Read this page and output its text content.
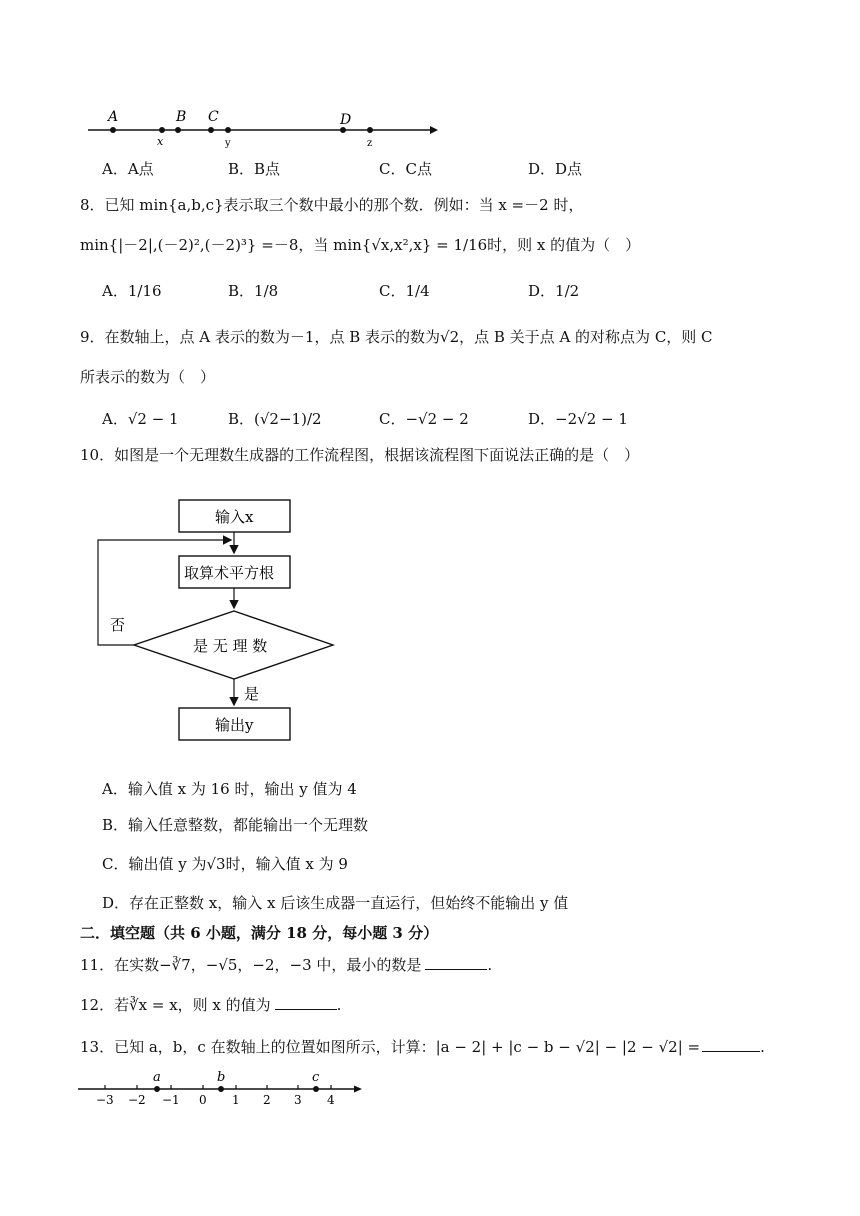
A	B C	D
x	y	z
A．A点	B．B点	C．C点	D．D点
8．已知 min{a,b,c}表示取三个数中最小的那个数．例如：当 x =－2 时，
min{|－2|,(－2)²,(－2)³} =－8，当 min{√x,x²,x} = 1/16时，则 x 的值为（　）
A．1/16	B．1/8	C．1/4	D．1/2
9．在数轴上，点 A 表示的数为－1，点 B 表示的数为√2，点 B 关于点 A 的对称点为 C，则 C
所表示的数为（　）
A．√2 − 1	B．(√2−1)/2	C．−√2 − 2	D．−2√2 − 1
10．如图是一个无理数生成器的工作流程图，根据该流程图下面说法正确的是（　）
输入x
取算术平方根
是 无 理 数
否
是
输出y
A．输入值 x 为 16 时，输出 y 值为 4
B．输入任意整数，都能输出一个无理数
C．输出值 y 为√3时，输入值 x 为 9
D．存在正整数 x，输入 x 后该生成器一直运行，但始终不能输出 y 值
二．填空题（共 6 小题，满分 18 分，每小题 3 分）
11．在实数−∛7，−√5，−2，−3 中，最小的数是	.
12．若∛x = x，则 x 的值为	.
13．已知 a，b，c 在数轴上的位置如图所示，计算：|a − 2| + |c − b − √2| − |2 − √2| =	.
−3 −2 −1 0 1 2 3 4
a	b	c
